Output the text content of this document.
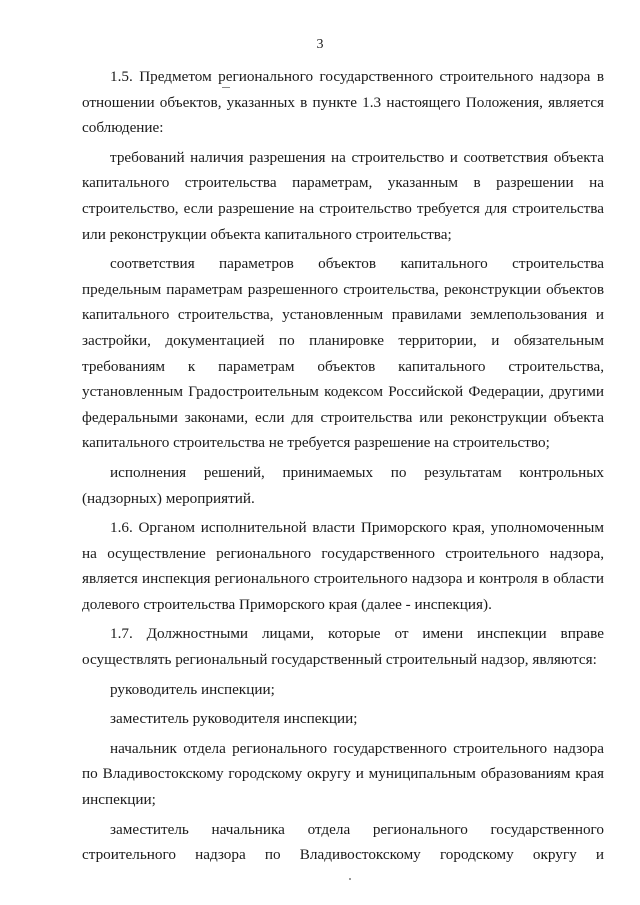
3

1.5. Предметом регионального государственного строительного надзора в отношении объектов, указанных в пункте 1.3 настоящего Положения, является соблюдение:

требований наличия разрешения на строительство и соответствия объекта капитального строительства параметрам, указанным в разрешении на строительство, если разрешение на строительство требуется для строительства или реконструкции объекта капитального строительства;

соответствия параметров объектов капитального строительства предельным параметрам разрешенного строительства, реконструкции объектов капитального строительства, установленным правилами землепользования и застройки, документацией по планировке территории, и обязательным требованиям к параметрам объектов капитального строительства, установленным Градостроительным кодексом Российской Федерации, другими федеральными законами, если для строительства или реконструкции объекта капитального строительства не требуется разрешение на строительство;

исполнения решений, принимаемых по результатам контрольных (надзорных) мероприятий.

1.6. Органом исполнительной власти Приморского края, уполномоченным на осуществление регионального государственного строительного надзора, является инспекция регионального строительного надзора и контроля в области долевого строительства Приморского края (далее - инспекция).

1.7. Должностными лицами, которые от имени инспекции вправе осуществлять региональный государственный строительный надзор, являются:

руководитель инспекции;

заместитель руководителя инспекции;

начальник отдела регионального государственного строительного надзора по Владивостокскому городскому округу и муниципальным образованиям края инспекции;

заместитель начальника отдела регионального государственного строительного надзора по Владивостокскому городскому округу и
